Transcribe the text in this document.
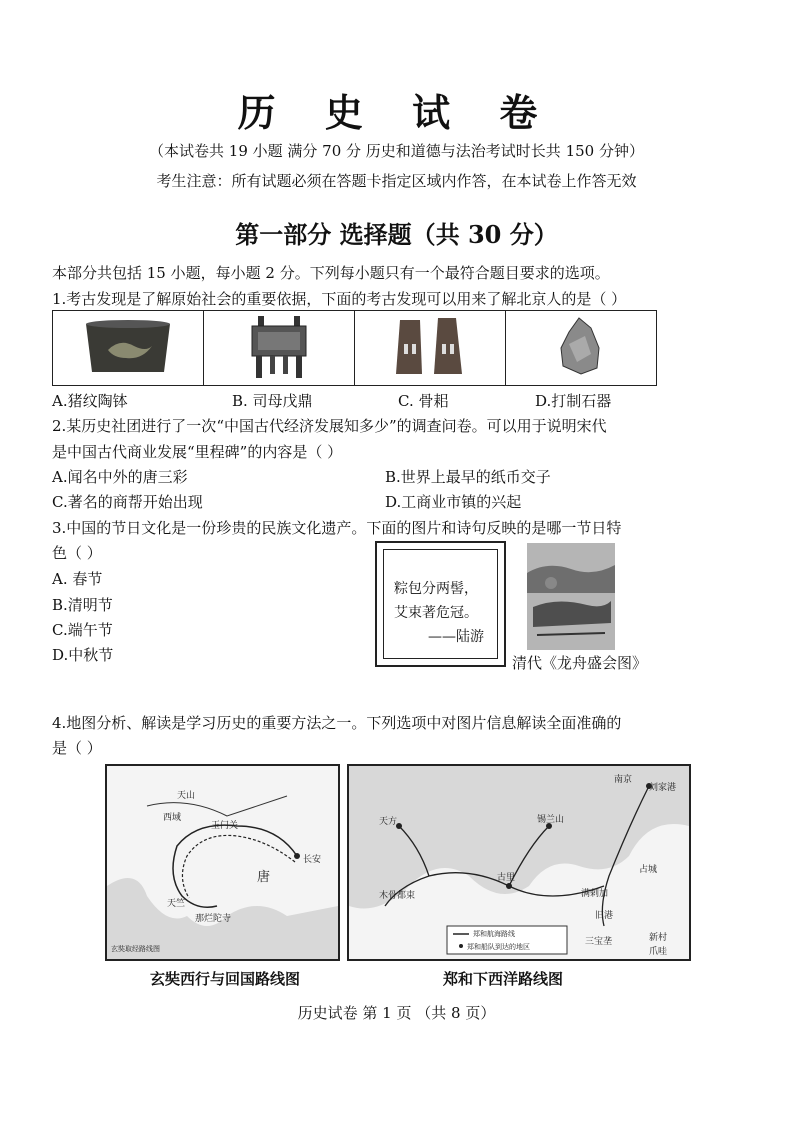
历 史 试 卷
（本试卷共 19 小题 满分 70 分 历史和道德与法治考试时长共 150 分钟）
考生注意：所有试题必须在答题卡指定区域内作答，在本试卷上作答无效
第一部分 选择题（共 30 分）
本部分共包括 15 小题，每小题 2 分。下列每小题只有一个最符合题目要求的选项。
1.考古发现是了解原始社会的重要依据，下面的考古发现可以用来了解北京人的是（ ）

A.猪纹陶钵	B. 司母戊鼎	C. 骨耜	D.打制石器
2.某历史社团进行了一次“中国古代经济发展知多少”的调查问卷。可以用于说明宋代
是中国古代商业发展“里程碑”的内容是（ ）
A.闻名中外的唐三彩	B.世界上最早的纸币交子
C.著名的商帮开始出现	D.工商业市镇的兴起
3.中国的节日文化是一份珍贵的民族文化遗产。下面的图片和诗句反映的是哪一节日特
色（ ）
A. 春节
B.清明节
C.端午节
D.中秋节
粽包分两髻，
艾束著危冠。
——陆游
清代《龙舟盛会图》
4.地图分析、解读是学习历史的重要方法之一。下列选项中对图片信息解读全面准确的
是（ ）
天山
西域
玉门关
长安
唐
天竺
那烂陀寺
玄奘取经路线图
玄奘西行与回国路线图
南京
刘家港
天方
古里
锡兰山
木骨都束	满剌加
三宝垄
旧港
占城
爪哇
新村
郑和航海路线
郑和船队到达的地区
郑和下西洋路线图
历史试卷 第 1 页 （共 8 页）
